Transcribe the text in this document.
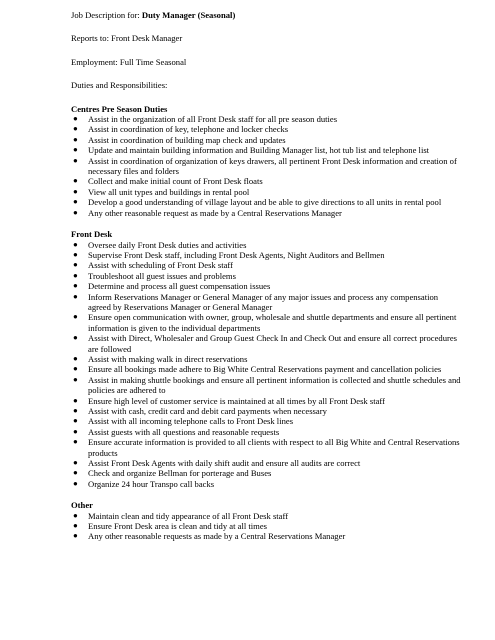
Job Description for: Duty Manager (Seasonal)

Reports to: Front Desk Manager

Employment: Full Time Seasonal

Duties and Responsibilities:

Centres Pre Season Duties

● Assist in the organization of all Front Desk staff for all pre season duties
● Assist in coordination of key, telephone and locker checks
● Assist in coordination of building map check and updates
● Update and maintain building information and Building Manager list, hot tub list and telephone list
● Assist in coordination of organization of keys drawers, all pertinent Front Desk information and creation of necessary files and folders
● Collect and make initial count of Front Desk floats
● View all unit types and buildings in rental pool
● Develop a good understanding of village layout and be able to give directions to all units in rental pool
● Any other reasonable request as made by a Central Reservations Manager

Front Desk

● Oversee daily Front Desk duties and activities
● Supervise Front Desk staff, including Front Desk Agents, Night Auditors and Bellmen
● Assist with scheduling of Front Desk staff
● Troubleshoot all guest issues and problems
● Determine and process all guest compensation issues
● Inform Reservations Manager or General Manager of any major issues and process any compensation agreed by Reservations Manager or General Manager
● Ensure open communication with owner, group, wholesale and shuttle departments and ensure all pertinent information is given to the individual departments
● Assist with Direct, Wholesaler and Group Guest Check In and Check Out and ensure all correct procedures are followed
● Assist with making walk in direct reservations
● Ensure all bookings made adhere to Big White Central Reservations payment and cancellation policies
● Assist in making shuttle bookings and ensure all pertinent information is collected and shuttle schedules and policies are adhered to
● Ensure high level of customer service is maintained at all times by all Front Desk staff
● Assist with cash, credit card and debit card payments when necessary
● Assist with all incoming telephone calls to Front Desk lines
● Assist guests with all questions and reasonable requests
● Ensure accurate information is provided to all clients with respect to all Big White and Central Reservations products
● Assist Front Desk Agents with daily shift audit and ensure all audits are correct
● Check and organize Bellman for porterage and Buses
● Organize 24 hour Transpo call backs

Other

● Maintain clean and tidy appearance of all Front Desk staff
● Ensure Front Desk area is clean and tidy at all times
● Any other reasonable requests as made by a Central Reservations Manager
